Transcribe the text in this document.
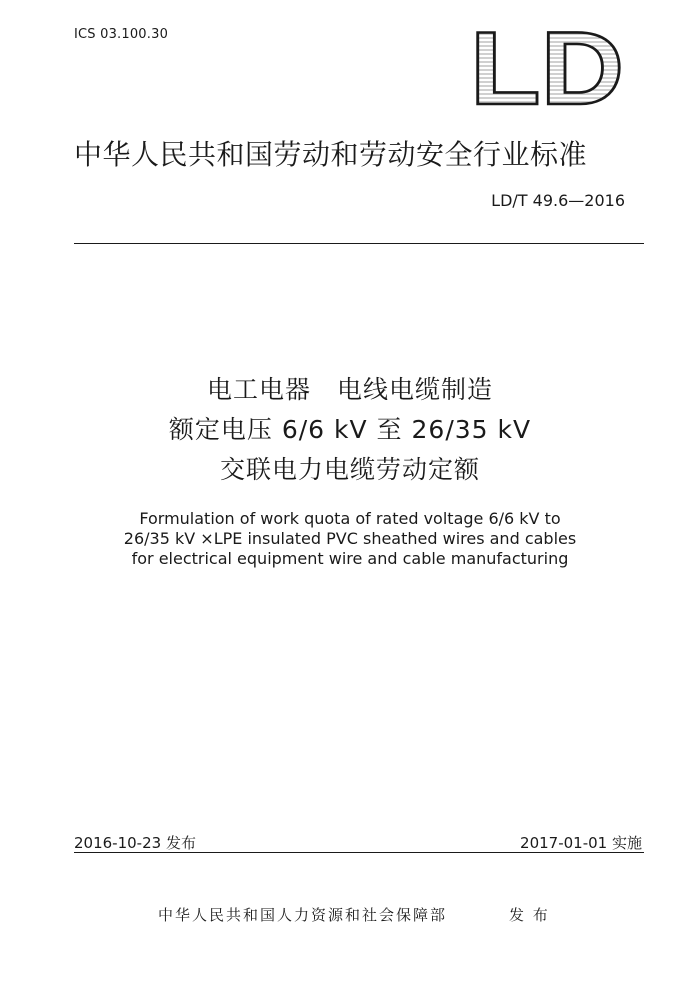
ICS 03.100.30	LD
中华人民共和国劳动和劳动安全行业标准
LD/T 49.6—2016
电工电器　电线电缆制造
额定电压 6/6 kV 至 26/35 kV
交联电力电缆劳动定额
Formulation of work quota of rated voltage 6/6 kV to
26/35 kV ×LPE insulated PVC sheathed wires and cables
for electrical equipment wire and cable manufacturing
2016-10-23 发布	2017-01-01 实施
中华人民共和国人力资源和社会保障部	发 布
